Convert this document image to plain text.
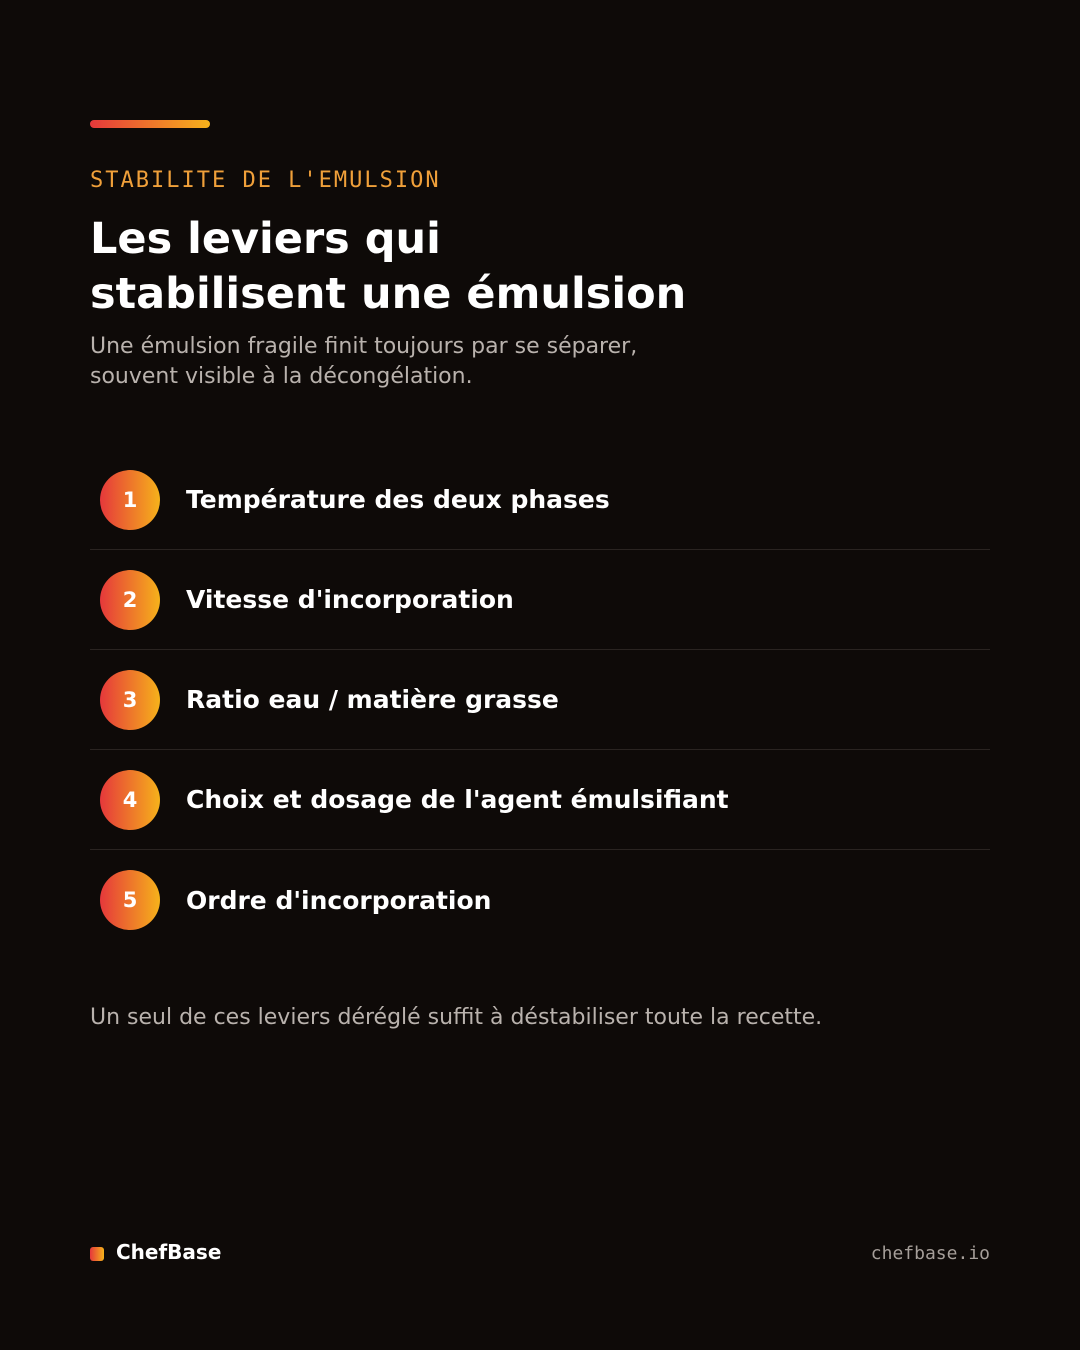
STABILITE DE L'EMULSION
Les leviers qui
stabilisent une émulsion
Une émulsion fragile finit toujours par se séparer,
souvent visible à la décongélation.
1	Température des deux phases
2	Vitesse d'incorporation
3	Ratio eau / matière grasse
4	Choix et dosage de l'agent émulsifiant
5	Ordre d'incorporation
Un seul de ces leviers déréglé suffit à déstabiliser toute la recette.
ChefBase	chefbase.io
